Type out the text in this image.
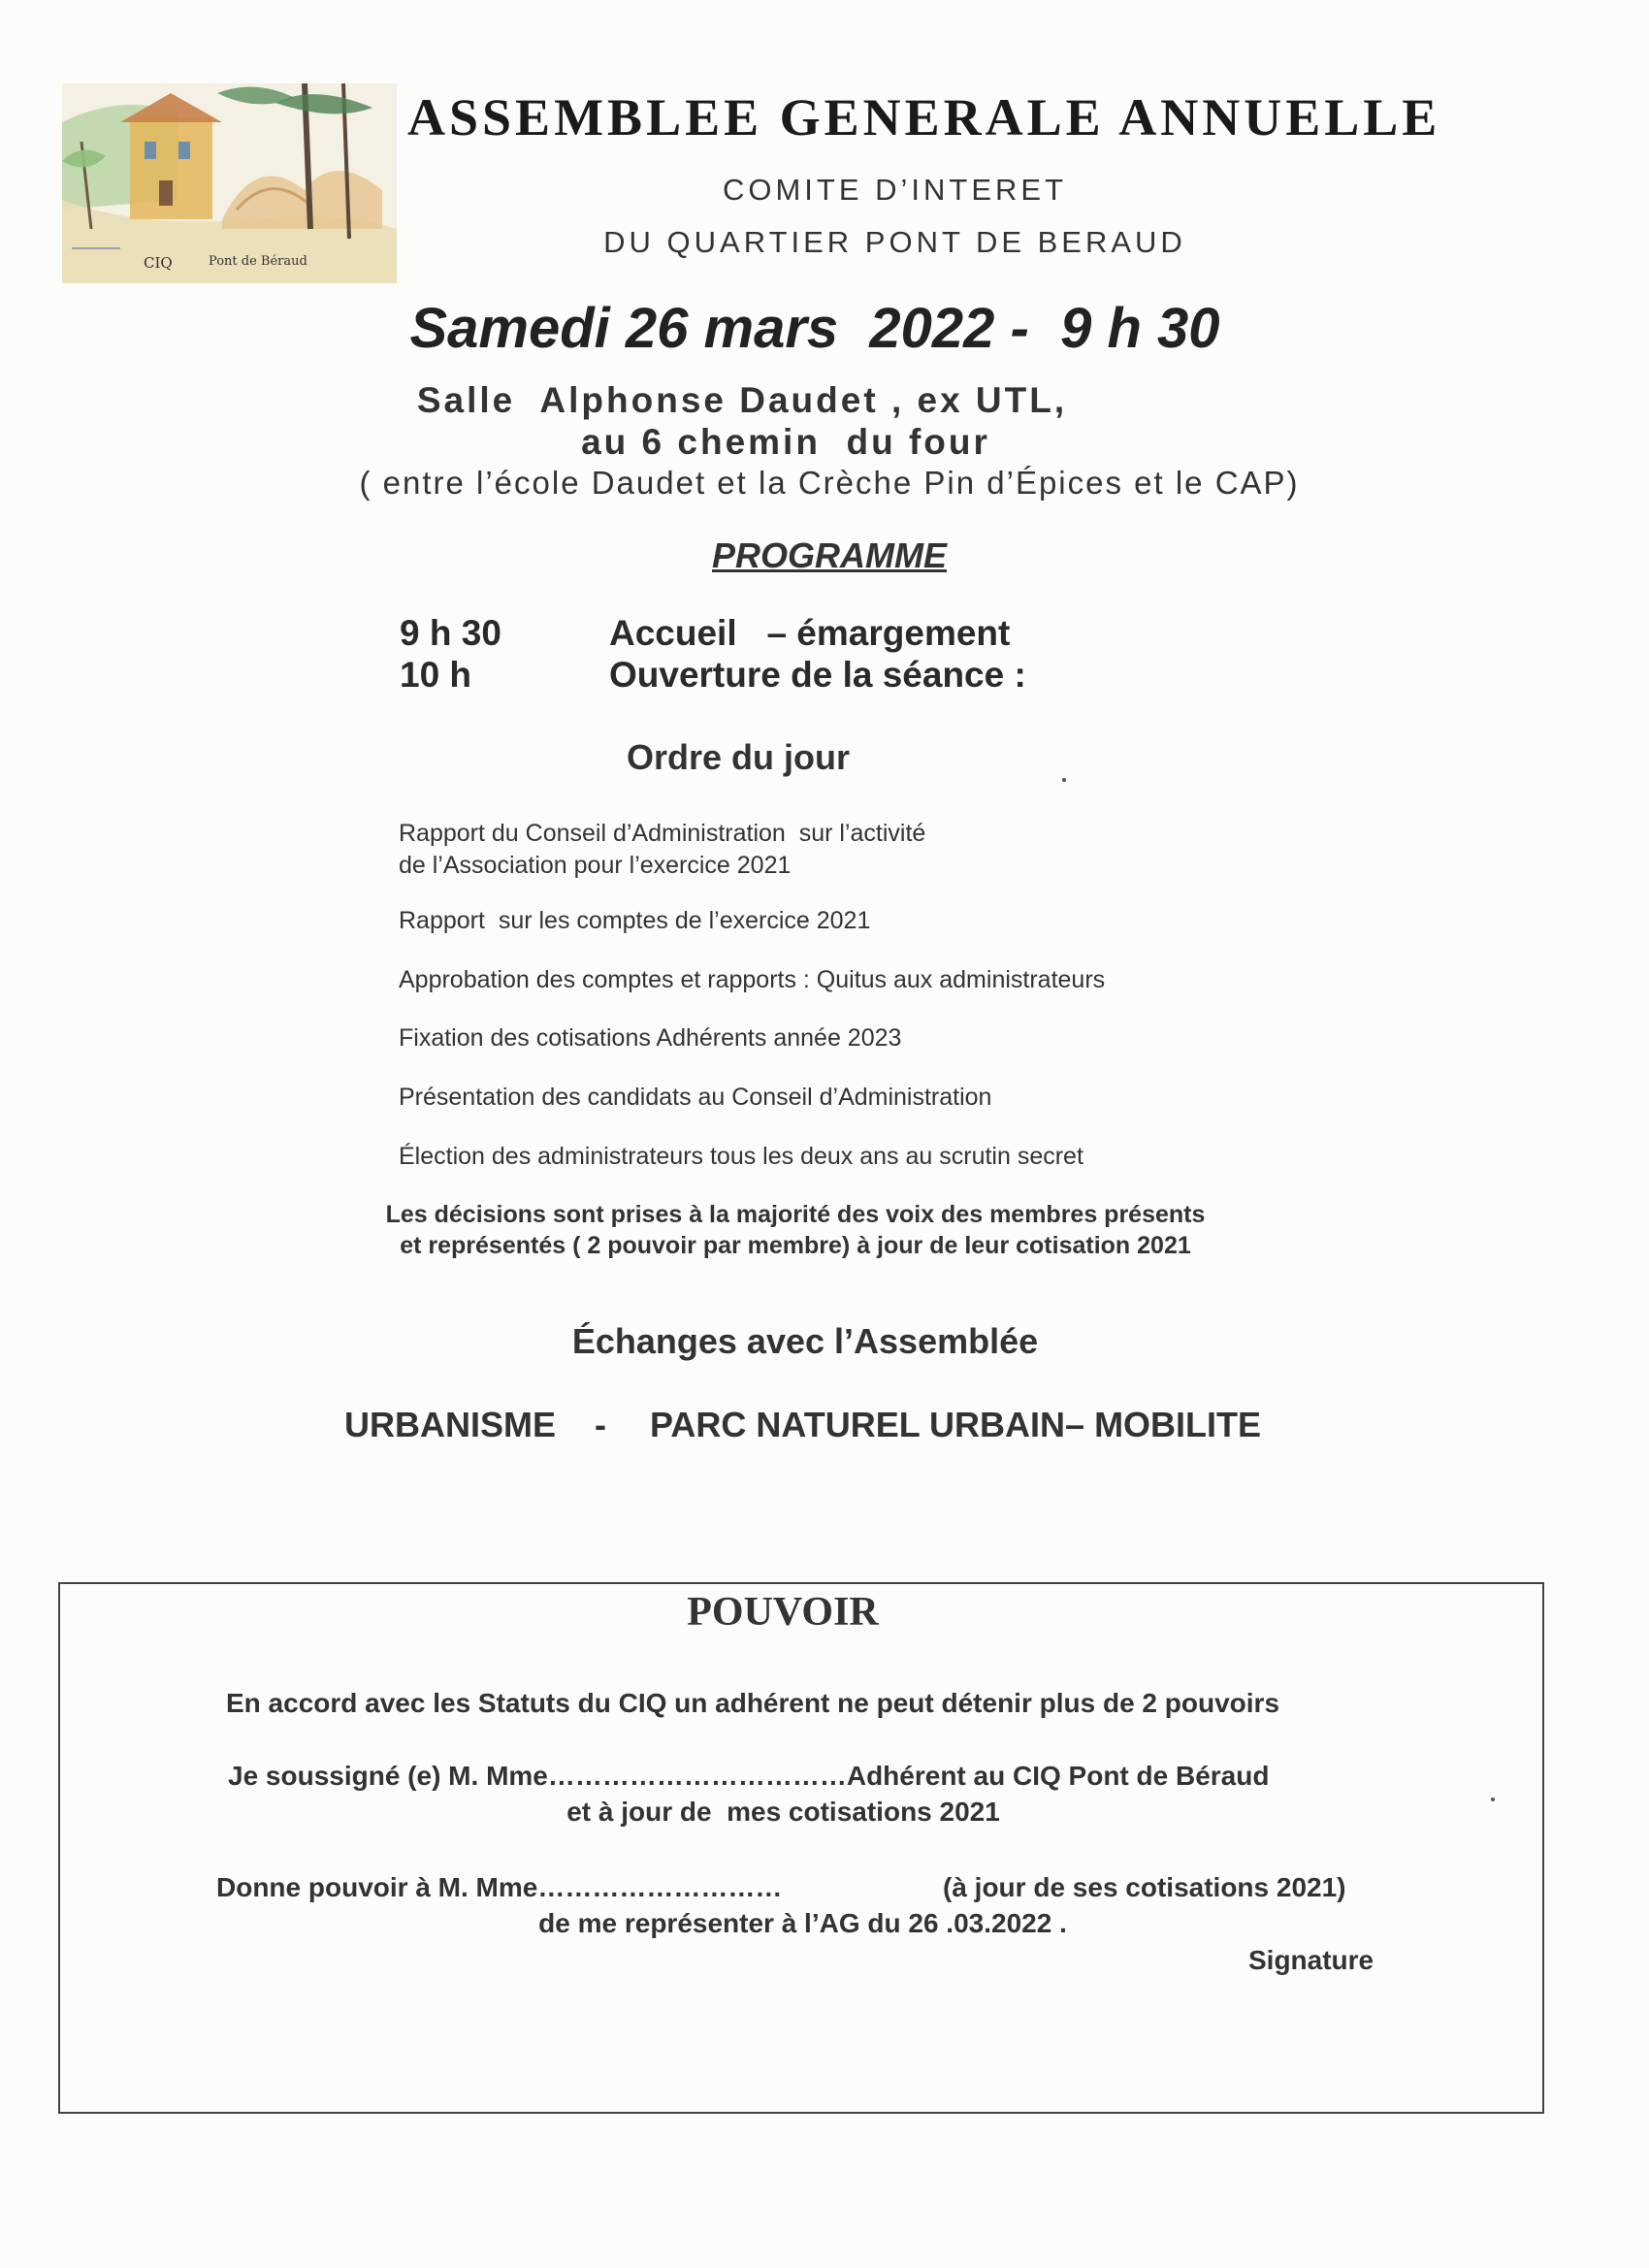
CIQ	Pont de Béraud
ASSEMBLEE GENERALE ANNUELLE
COMITE D’INTERET
DU QUARTIER PONT DE BERAUD
Samedi 26 mars  2022 -  9 h 30
Salle  Alphonse Daudet , ex UTL,
au 6 chemin  du four
( entre l’école Daudet et la Crèche Pin d’Épices et le CAP)
PROGRAMME
9 h 30	Accueil   – émargement
10 h	Ouverture de la séance :
Ordre du jour
Rapport du Conseil d’Administration  sur l’activité
de l’Association pour l’exercice 2021
Rapport  sur les comptes de l’exercice 2021
Approbation des comptes et rapports : Quitus aux administrateurs
Fixation des cotisations Adhérents année 2023
Présentation des candidats au Conseil d’Administration
Élection des administrateurs tous les deux ans au scrutin secret
Les décisions sont prises à la majorité des voix des membres présents
et représentés ( 2 pouvoir par membre) à jour de leur cotisation 2021
Échanges avec l’Assemblée
URBANISME - PARC NATUREL URBAIN– MOBILITE
POUVOIR
En accord avec les Statuts du CIQ un adhérent ne peut détenir plus de 2 pouvoirs
Je soussigné (e) M. Mme……………………………Adhérent au CIQ Pont de Béraud
et à jour de  mes cotisations 2021
Donne pouvoir à M. Mme………………………	(à jour de ses cotisations 2021)
de me représenter à l’AG du 26 .03.2022 .
Signature
